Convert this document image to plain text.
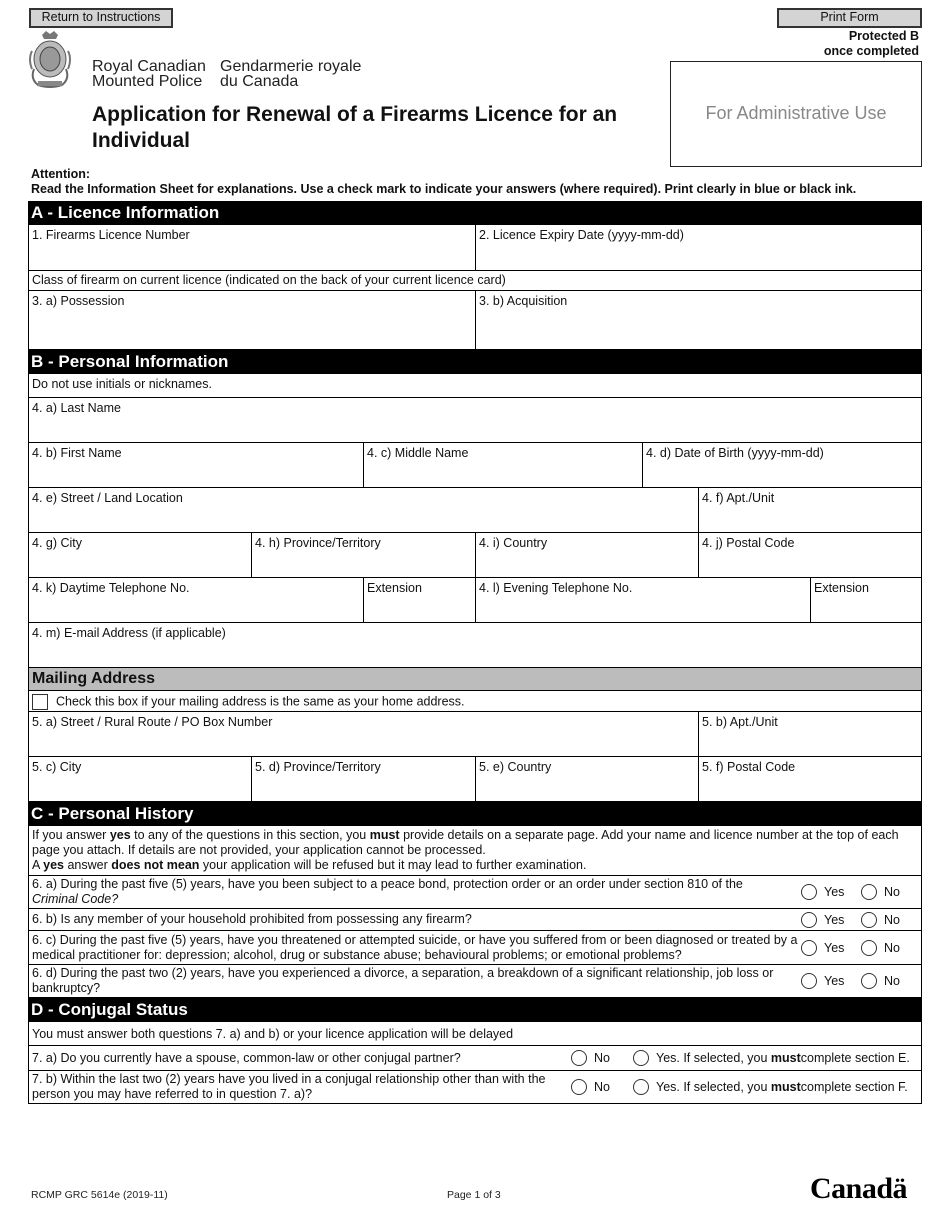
Return to Instructions	Print Form
Protected B
once completed
Royal Canadian
Mounted Police
Gendarmerie royale
du Canada
Application for Renewal of a Firearms Licence for an Individual
For Administrative Use
Attention:
Read the Information Sheet for explanations. Use a check mark to indicate your answers (where required). Print clearly in blue or black ink.
A - Licence Information
1. Firearms Licence Number	2. Licence Expiry Date (yyyy-mm-dd)
Class of firearm on current licence (indicated on the back of your current licence card)
3. a) Possession	3. b) Acquisition
B - Personal Information
Do not use initials or nicknames.
4. a) Last Name
4. b) First Name	4. c) Middle Name	4. d) Date of Birth (yyyy-mm-dd)
4. e) Street / Land Location	4. f) Apt./Unit
4. g) City	4. h) Province/Territory	4. i) Country	4. j) Postal Code
4. k) Daytime Telephone No.	Extension	4. l) Evening Telephone No.	Extension
4. m) E-mail Address (if applicable)
Mailing Address
Check this box if your mailing address is the same as your home address.
5. a) Street / Rural Route / PO Box Number	5. b) Apt./Unit
5. c) City	5. d) Province/Territory	5. e) Country	5. f) Postal Code
C - Personal History
If you answer yes to any of the questions in this section, you must provide details on a separate page. Add your name and licence number at the top of each page you attach. If details are not provided, your application cannot be processed.
A yes answer does not mean your application will be refused but it may lead to further examination.
6. a) During the past five (5) years, have you been subject to a peace bond, protection order or an order under section 810 of the
Criminal Code?	Yes	No
6. b) Is any member of your household prohibited from possessing any firearm?	Yes	No
6. c) During the past five (5) years, have you threatened or attempted suicide, or have you suffered from or been diagnosed or treated by a medical practitioner for: depression; alcohol, drug or substance abuse; behavioural problems; or emotional problems?	Yes	No
6. d) During the past two (2) years, have you experienced a divorce, a separation, a breakdown of a significant relationship, job loss or bankruptcy?	Yes	No
D - Conjugal Status
You must answer both questions 7. a) and b) or your licence application will be delayed
7. a) Do you currently have a spouse, common-law or other conjugal partner?	No	Yes. If selected, you
must complete section E.
7. b) Within the last two (2) years have you lived in a conjugal relationship other than with the person you may have referred to in question 7. a)?	No	Yes. If selected, you
must complete section F.
RCMP GRC 5614e (2019-11)	Page 1 of 3	Canadä
